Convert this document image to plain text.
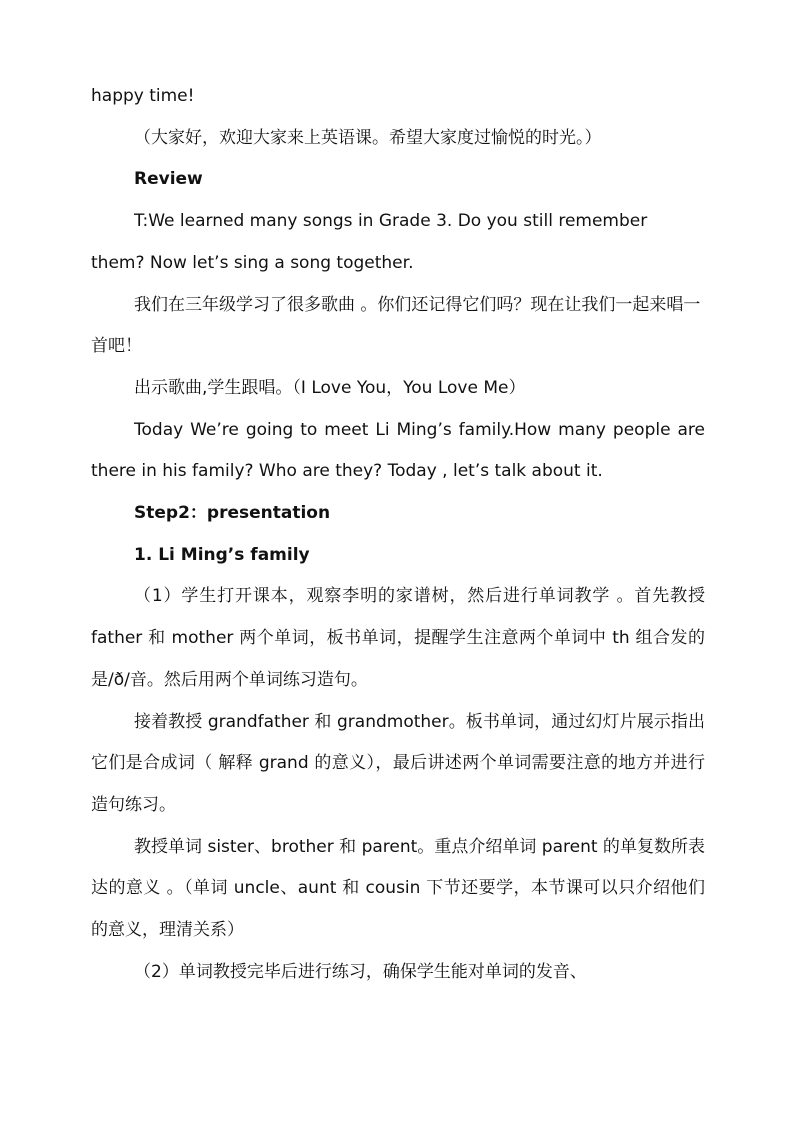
happy time!

（大家好，欢迎大家来上英语课。希望大家度过愉悦的时光。）

Review

T:We learned many songs in Grade 3. Do you still remember them? Now let’s sing a song together.

我们在三年级学习了很多歌曲 。你们还记得它们吗？现在让我们一起来唱一首吧！

出示歌曲,学生跟唱。（I Love You，You Love Me）

Today We’re going to meet Li Ming’s family.How many people are there in his family? Who are they? Today , let’s talk about it.

Step2：presentation

1. Li Ming’s family

（1）学生打开课本，观察李明的家谱树，然后进行单词教学 。首先教授 father 和 mother 两个单词，板书单词，提醒学生注意两个单词中 th 组合发的是/ð/音。然后用两个单词练习造句。

接着教授 grandfather 和 grandmother。板书单词，通过幻灯片展示指出它们是合成词（ 解释 grand 的意义），最后讲述两个单词需要注意的地方并进行造句练习。

教授单词 sister、brother 和 parent。重点介绍单词 parent 的单复数所表达的意义 。（单词 uncle、aunt 和 cousin 下节还要学，本节课可以只介绍他们的意义，理清关系）

（2）单词教授完毕后进行练习，确保学生能对单词的发音、
